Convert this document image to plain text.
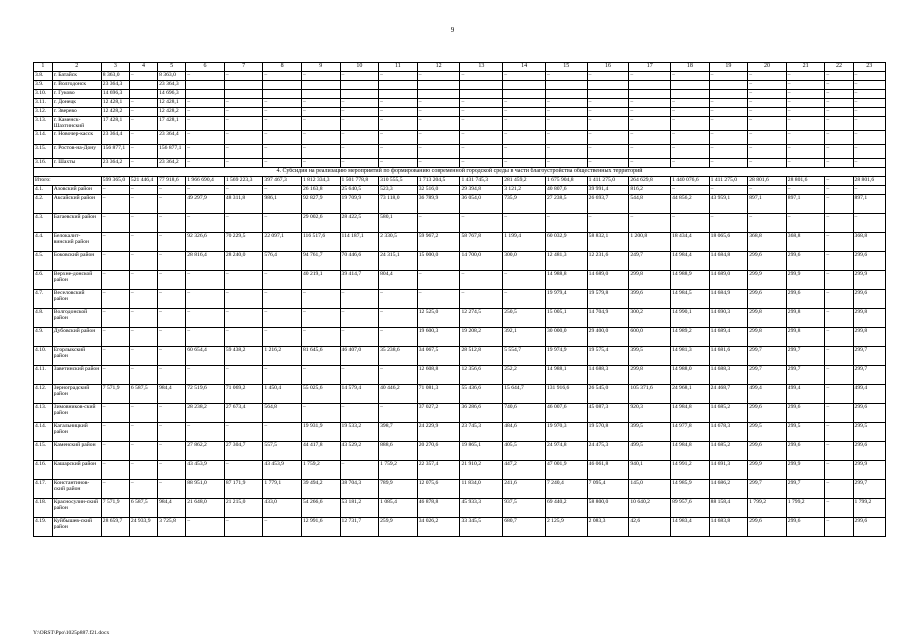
9
1	2	3	4	5	6	7	8	9	10	11	12	13	14	15	16	17	18	19	20	21	22	23
3.8.	г. Батайск	8 363,0	–	8 363,0	–	–	–	–	–	–	–	–	–	–	–	–	–	–	–	–	–	–
3.9.	г. Волгодонск	23 364,3		23 364,3															–	–	–	–
3.10.	г. Гуково	14 696,3		14 696,3															–	–	–	–
3.11.	г. Донецк	12 428,1	–	12 428,1	–	–	–	–	–	–	–	–	–	–	–	–	–	–	–	–	–	–
3.12.	г. Зверево	12 428,2	–	12 428,2	–	–	–	–	–	–	–	–	–	–	–	–	–	–	–	–	–	–
3.13.	г. Каменск-Шахтинский	17 428,1	–	17 428,1	–	–	–	–	–	–	–	–	–	–	–	–	–	–	–	–	–	–
3.14.	г. Новочер-касск	23 364,4	–	23 364,4	–	–	–	–	–	–	–	–	–	–	–	–	–	–	–	–	–	–
3.15.	г. Ростов-на-Дону	156 877,1	–	156 877,1	–	–	–	–	–	–	–	–	–	–	–	–	–	–	–	–	–	–
3.16.	г. Шахты	23 364,2	–	23 364,2	–	–	–	–	–	–	–	–	–	–	–	–	–	–	–	–	–	–
4. Субсидия на реализацию мероприятий по формированию современной городской среды в части благоустройства общественных территорий																						
Итого:		599 365,0	521 446,4	77 918,6	1 966 690,4	1 569 223,3	397 467,3	1 812 334,3	1 501 778,8	310 555,5	1 713 204,5	1 431 745,3	281 459,2	1 675 904,8	1 411 275,0	264 629,8	1 440 076,6	1 411 275,0	28 801,6	28 801,6	–	28 801,6
4.1.	Азовский район	–	–	–	–	–	–	26 163,8	25 640,5	523,3	32 516,0	29 394,8	3 121,2	40 807,6	39 991,4	816,2	–	–	–	–	–	–
4.2.	Аксайский район	–	–	–	49 297,9	48 311,8	986,1	92 827,9	19 709,9	73 118,0	36 789,9	36 054,0	735,9	27 238,5	26 693,7	544,8	44 856,2	43 959,1	897,1	897,1	–	897,1
4.3.	Багаевский район	–	–	–	–	–	–	29 002,6	28 422,5	580,1	–	–	–	–	–	–	–	–	–	–	–	–
4.4.	Белокалит-винский район	–	–	–	92 326,6	70 229,5	22 097,1	116 517,6	114 187,1	2 330,5	59 967,2	58 767,8	1 199,4	60 032,9	58 832,1	1 200,8	18 434,4	18 065,6	368,8	368,8	–	368,8
4.5.	Боковский район	–	–	–	28 816,4	28 240,0	576,4	94 761,7	70 446,6	24 315,1	15 000,0	14 700,0	300,0	12 481,3	12 231,6	249,7	14 984,4	14 684,8	299,6	299,6	–	299,6
4.6.	Верхне-донской район	–	–	–	–	–	–	40 219,1	39 414,7	804,4	–	–	–	14 988,8	14 689,0	299,8	14 988,9	14 689,0	299,9	299,9	–	299,9
4.7.	Веселовский район	–	–	–	–	–	–	–	–	–	–	–	–	19 979,4	19 579,8	399,6	14 984,5	14 684,9	299,6	299,6	–	299,6
4.8.	Волгодонской район	–	–	–	–	–	–	–	–	–	12 525,0	12 274,5	250,5	15 005,1	14 704,9	300,2	14 990,1	14 690,3	299,8	299,8	–	299,8
4.9.	Дубовский район	–	–	–	–	–	–	–	–	–	19 600,3	19 208,2	392,1	30 000,0	29 400,0	600,0	14 989,2	14 689,4	299,8	299,8	–	299,8
4.10.	Егорлыкский район	–	–	–	60 654,4	59 438,2	1 216,2	81 645,6	46 407,0	35 238,6	34 067,5	28 512,8	5 554,7	19 974,9	19 575,4	399,5	14 981,3	14 681,6	299,7	299,7	–	299,7
4.11.	Заветинский район	–	–	–	–	–	–	–	–	–	12 608,8	12 356,6	252,2	14 988,1	14 688,3	299,8	14 988,0	14 688,3	299,7	299,7	–	299,7
4.12.	Зерноградский район	7 571,9	6 587,5	984,4	72 519,6	71 069,2	1 450,4	55 025,6	14 579,4	40 446,2	71 081,3	55 436,6	15 644,7	131 916,6	26 545,0	105 371,6	24 968,1	24 468,7	499,4	499,4	–	499,4
4.13.	Зимовников-ский район	–	–	–	28 238,2	27 673,4	564,8	–	–	–	37 027,2	36 286,6	740,6	46 007,6	45 087,3	920,3	14 984,8	14 685,2	299,6	299,6	–	299,6
4.14.	Кагальницкий район	–	–	–	–	–	–	19 931,9	19 533,2	398,7	24 229,9	23 745,3	484,6	19 970,3	19 570,8	399,5	14 977,8	14 678,3	299,5	299,5	–	299,5
4.15.	Каменский район	–	–	–	27 862,2	27 304,7	557,5	44 417,8	43 529,2	888,6	20 270,6	19 865,1	405,5	24 974,8	24 475,3	499,5	14 984,8	14 685,2	299,6	299,6	–	299,6
4.16.	Кашарский район	–	–	–	43 453,9	–	43 453,9	1 759,2	–	1 759,2	22 357,4	21 910,2	447,2	47 001,9	46 061,8	940,1	14 991,2	14 691,3	299,9	299,9	–	299,9
4.17.	Константинов-ский район	–	–	–	88 951,0	87 171,9	1 779,1	39 494,2	38 704,3	789,9	12 075,6	11 834,0	241,6	7 240,4	7 095,4	145,0	14 985,9	14 686,2	299,7	299,7	–	299,7
4.18.	Красносулин-ский район	7 571,9	6 587,5	984,4	21 648,0	21 215,0	433,0	54 266,6	53 181,2	1 085,4	46 878,8	45 933,3	937,5	69 440,2	58 800,0	10 640,2	89 957,6	88 158,4	1 799,2	1 799,2	–	1 799,2
4.19.	Куйбышев-ский район	28 659,7	24 933,9	3 725,8	–	–	–	12 991,6	12 731,7	259,9	34 026,2	33 345,5	680,7	2 125,9	2 083,3	42,6	14 983,4	14 683,8	299,6	299,6	–	299,6
Y:\ORST\Ppo\1025p887.f21.docx
